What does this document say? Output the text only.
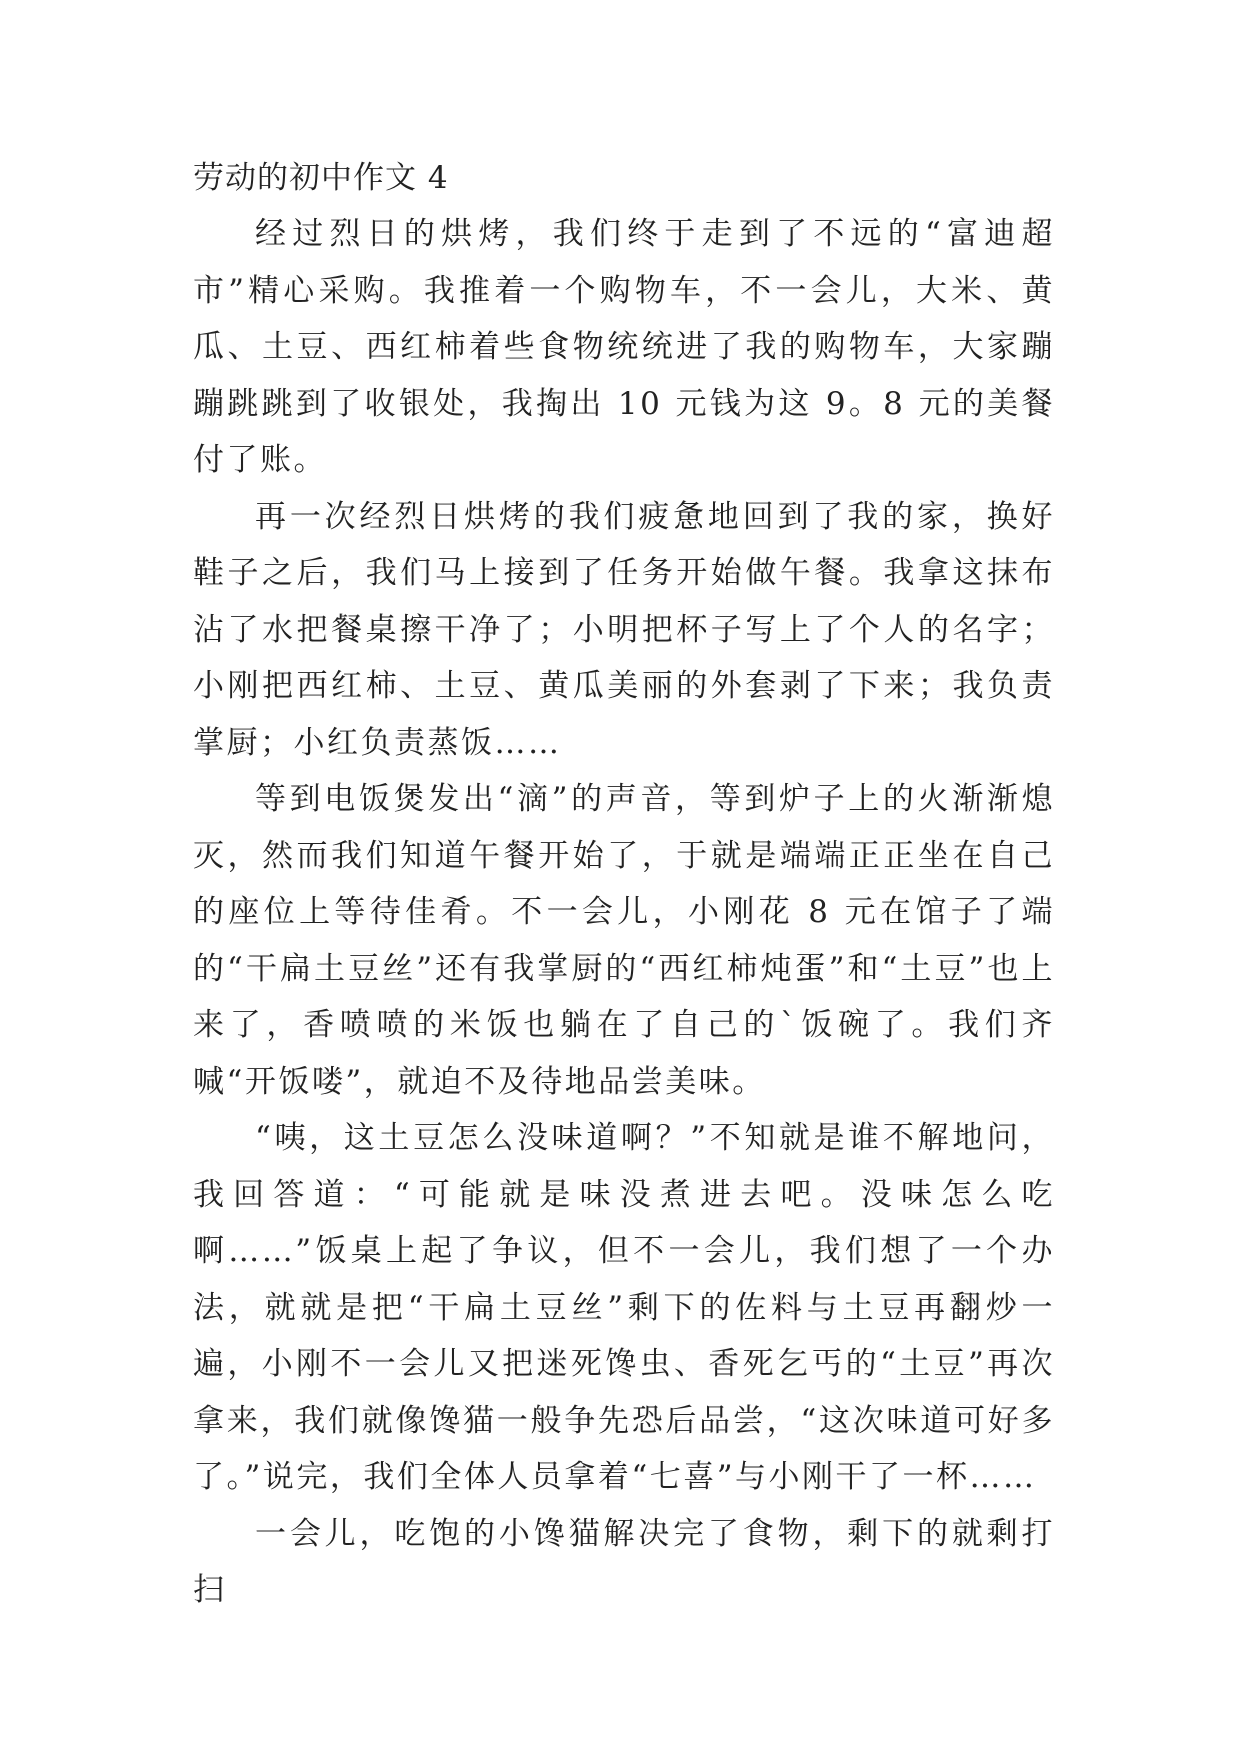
劳动的初中作文 4

经过烈日的烘烤，我们终于走到了不远的“富迪超市”精心采购。我推着一个购物车，不一会儿，大米、黄瓜、土豆、西红柿着些食物统统进了我的购物车，大家蹦蹦跳跳到了收银处，我掏出 10 元钱为这 9。8 元的美餐付了账。

再一次经烈日烘烤的我们疲惫地回到了我的家，换好鞋子之后，我们马上接到了任务开始做午餐。我拿这抹布沾了水把餐桌擦干净了；小明把杯子写上了个人的名字；小刚把西红柿、土豆、黄瓜美丽的外套剥了下来；我负责掌厨；小红负责蒸饭……

等到电饭煲发出“滴”的声音，等到炉子上的火渐渐熄灭，然而我们知道午餐开始了，于就是端端正正坐在自己的座位上等待佳肴。不一会儿，小刚花 8 元在馆子了端的“干扁土豆丝”还有我掌厨的“西红柿炖蛋”和“土豆”也上来了，香喷喷的米饭也躺在了自己的`饭碗了。我们齐喊“开饭喽”，就迫不及待地品尝美味。

“咦，这土豆怎么没味道啊？”不知就是谁不解地问，我回答道：“可能就是味没煮进去吧。没味怎么吃啊……”饭桌上起了争议，但不一会儿，我们想了一个办法，就就是把“干扁土豆丝”剩下的佐料与土豆再翻炒一遍，小刚不一会儿又把迷死馋虫、香死乞丐的“土豆”再次拿来，我们就像馋猫一般争先恐后品尝，“这次味道可好多了。”说完，我们全体人员拿着“七喜”与小刚干了一杯……

一会儿，吃饱的小馋猫解决完了食物，剩下的就剩打扫
